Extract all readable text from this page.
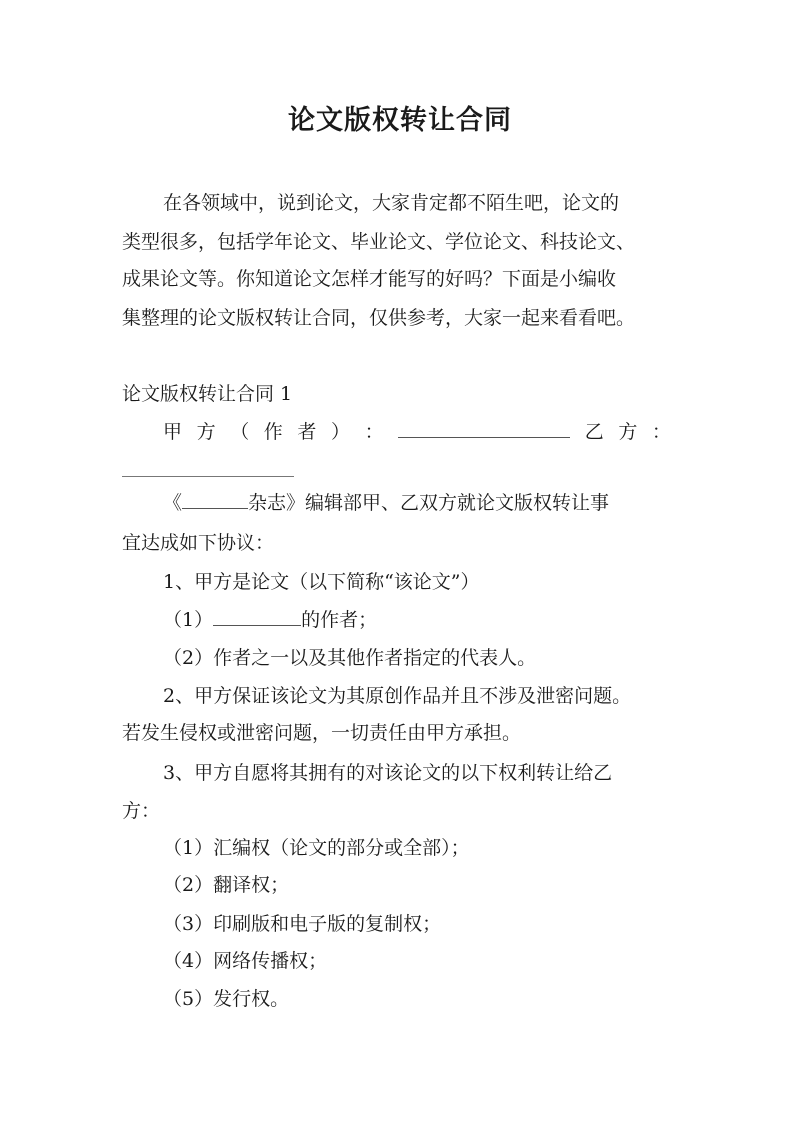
论文版权转让合同

在各领域中，说到论文，大家肯定都不陌生吧，论文的

类型很多，包括学年论文、毕业论文、学位论文、科技论文、

成果论文等。你知道论文怎样才能写的好吗？下面是小编收

集整理的论文版权转让合同，仅供参考，大家一起来看看吧。

论文版权转让合同 1

甲 方 （ 作 者 ） ：	乙 方 ：

《	杂志》编辑部甲、乙双方就论文版权转让事

宜达成如下协议：

1、甲方是论文（以下简称“该论文”）

（1）	的作者；

（2）作者之一以及其他作者指定的代表人。

2、甲方保证该论文为其原创作品并且不涉及泄密问题。

若发生侵权或泄密问题，一切责任由甲方承担。

3、甲方自愿将其拥有的对该论文的以下权利转让给乙

方：

（1）汇编权（论文的部分或全部）；

（2）翻译权；

（3）印刷版和电子版的复制权；

（4）网络传播权；

（5）发行权。
